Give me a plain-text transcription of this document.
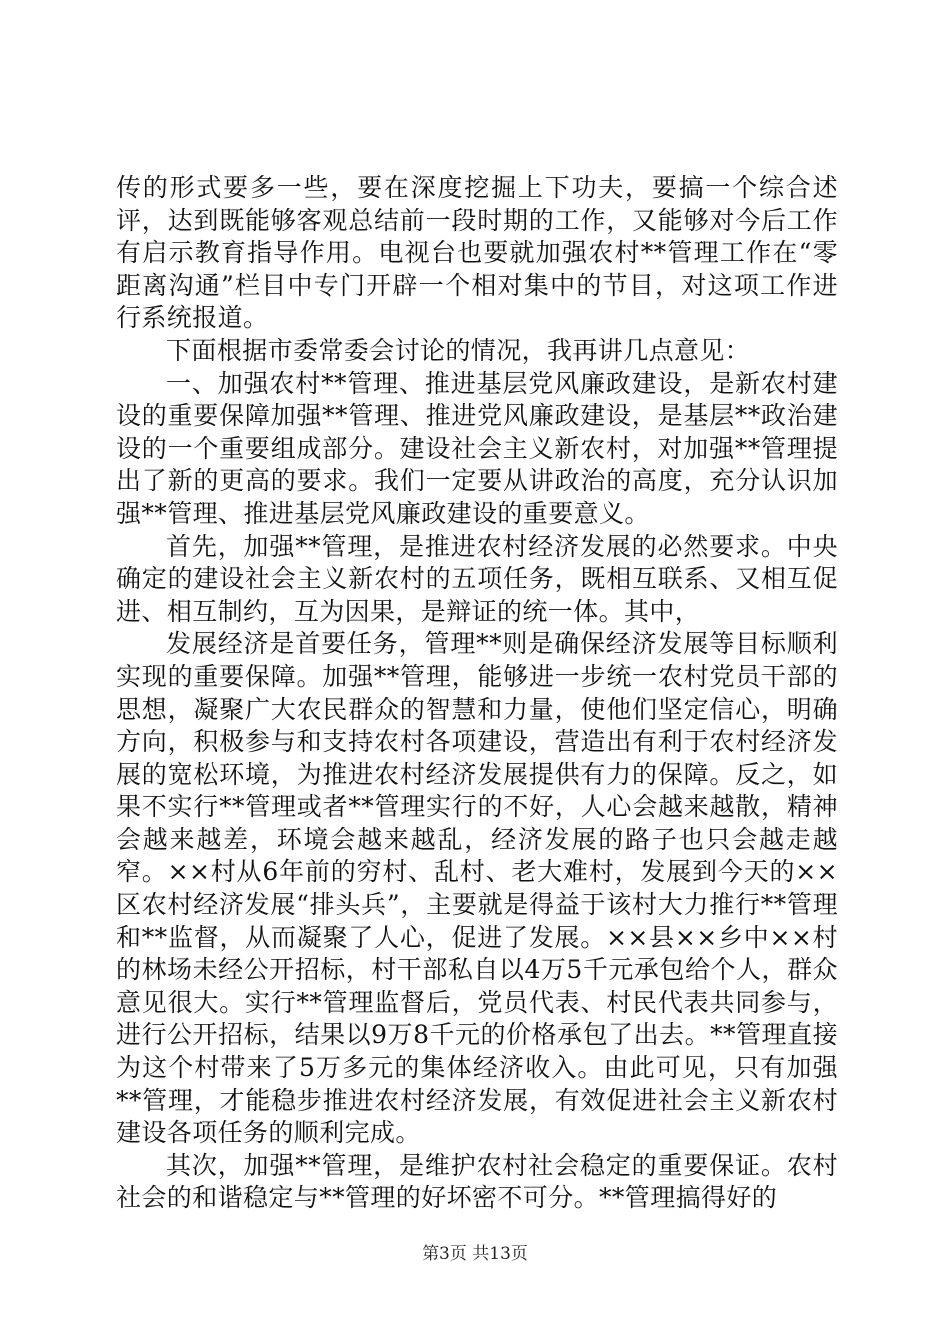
传的形式要多一些，要在深度挖掘上下功夫，要搞一个综合述评，达到既能够客观总结前一段时期的工作，又能够对今后工作有启示教育指导作用。电视台也要就加强农村**管理工作在“零距离沟通”栏目中专门开辟一个相对集中的节目，对这项工作进行系统报道。

下面根据市委常委会讨论的情况，我再讲几点意见：

一、加强农村**管理、推进基层党风廉政建设，是新农村建设的重要保障加强**管理、推进党风廉政建设，是基层**政治建设的一个重要组成部分。建设社会主义新农村，对加强**管理提出了新的更高的要求。我们一定要从讲政治的高度，充分认识加强**管理、推进基层党风廉政建设的重要意义。

首先，加强**管理，是推进农村经济发展的必然要求。中央确定的建设社会主义新农村的五项任务，既相互联系、又相互促进、相互制约，互为因果，是辩证的统一体。其中，

发展经济是首要任务，管理**则是确保经济发展等目标顺利实现的重要保障。加强**管理，能够进一步统一农村党员干部的思想，凝聚广大农民群众的智慧和力量，使他们坚定信心，明确方向，积极参与和支持农村各项建设，营造出有利于农村经济发展的宽松环境，为推进农村经济发展提供有力的保障。反之，如果不实行**管理或者**管理实行的不好，人心会越来越散，精神会越来越差，环境会越来越乱，经济发展的路子也只会越走越窄。××村从6年前的穷村、乱村、老大难村，发展到今天的××区农村经济发展“排头兵”，主要就是得益于该村大力推行**管理和**监督，从而凝聚了人心，促进了发展。××县××乡中××村的林场未经公开招标，村干部私自以4万5千元承包给个人，群众意见很大。实行**管理监督后，党员代表、村民代表共同参与，进行公开招标，结果以9万8千元的价格承包了出去。**管理直接为这个村带来了5万多元的集体经济收入。由此可见，只有加强**管理，才能稳步推进农村经济发展，有效促进社会主义新农村建设各项任务的顺利完成。

其次，加强**管理，是维护农村社会稳定的重要保证。农村社会的和谐稳定与**管理的好坏密不可分。**管理搞得好的

第3页 共13页
